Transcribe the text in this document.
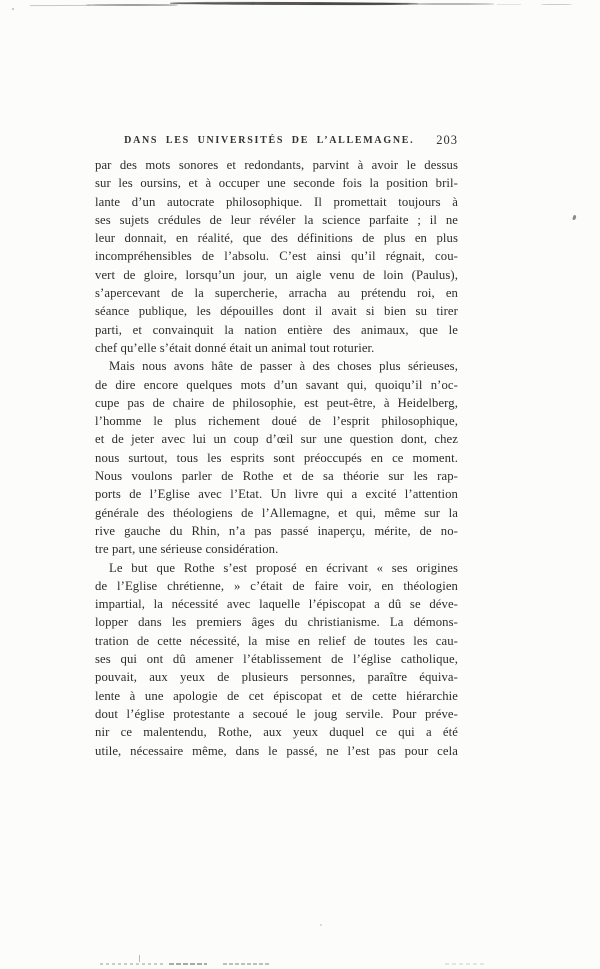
DANS LES UNIVERSITÉS DE L’ALLEMAGNE. 203
par des mots sonores et redondants, parvint à avoir le dessus
sur les oursins, et à occuper une seconde fois la position bril-
lante d’un autocrate philosophique. Il promettait toujours à
ses sujets crédules de leur révéler la science parfaite ; il ne
leur donnait, en réalité, que des définitions de plus en plus
incompréhensibles de l’absolu. C’est ainsi qu’il régnait, cou-
vert de gloire, lorsqu’un jour, un aigle venu de loin (Paulus),
s’apercevant de la supercherie, arracha au prétendu roi, en
séance publique, les dépouilles dont il avait si bien su tirer
parti, et convainquit la nation entière des animaux, que le
chef qu’elle s’était donné était un animal tout roturier.
Mais nous avons hâte de passer à des choses plus sérieuses,
de dire encore quelques mots d’un savant qui, quoiqu’il n’oc-
cupe pas de chaire de philosophie, est peut-être, à Heidelberg,
l’homme le plus richement doué de l’esprit philosophique,
et de jeter avec lui un coup d’œil sur une question dont, chez
nous surtout, tous les esprits sont préoccupés en ce moment.
Nous voulons parler de Rothe et de sa théorie sur les rap-
ports de l’Eglise avec l’Etat. Un livre qui a excité l’attention
générale des théologiens de l’Allemagne, et qui, même sur la
rive gauche du Rhin, n’a pas passé inaperçu, mérite, de no-
tre part, une sérieuse considération.
Le but que Rothe s’est proposé en écrivant « ses origines
de l’Eglise chrétienne, » c’était de faire voir, en théologien
impartial, la nécessité avec laquelle l’épiscopat a dû se déve-
lopper dans les premiers âges du christianisme. La démons-
tration de cette nécessité, la mise en relief de toutes les cau-
ses qui ont dû amener l’établissement de l’église catholique,
pouvait, aux yeux de plusieurs personnes, paraître équiva-
lente à une apologie de cet épiscopat et de cette hiérarchie
dout l’église protestante a secoué le joug servile. Pour préve-
nir ce malentendu, Rothe, aux yeux duquel ce qui a été
utile, nécessaire même, dans le passé, ne l’est pas pour cela
